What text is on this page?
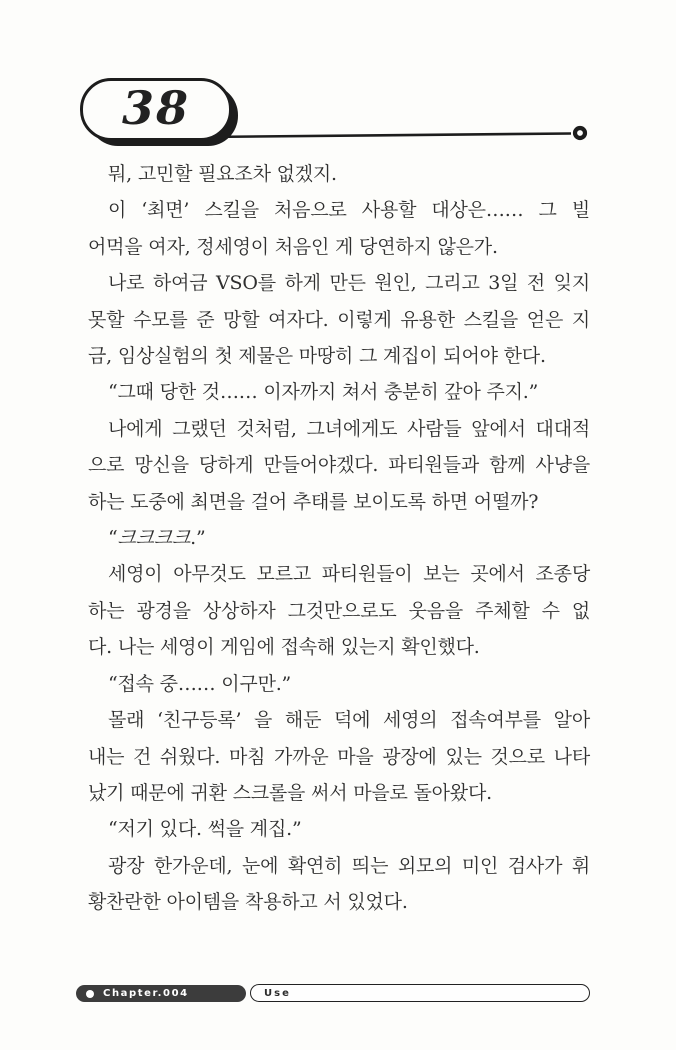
38
뭐, 고민할 필요조차 없겠지.
이 ‘최면’ 스킬을 처음으로 사용할 대상은…… 그 빌
어먹을 여자, 정세영이 처음인 게 당연하지 않은가.
나로 하여금 VSO를 하게 만든 원인, 그리고 3일 전 잊지
못할 수모를 준 망할 여자다. 이렇게 유용한 스킬을 얻은 지
금, 임상실험의 첫 제물은 마땅히 그 계집이 되어야 한다.
“그때 당한 것…… 이자까지 쳐서 충분히 갚아 주지.”
나에게 그랬던 것처럼, 그녀에게도 사람들 앞에서 대대적
으로 망신을 당하게 만들어야겠다. 파티원들과 함께 사냥을
하는 도중에 최면을 걸어 추태를 보이도록 하면 어떨까?
“크크크크.”
세영이 아무것도 모르고 파티원들이 보는 곳에서 조종당
하는 광경을 상상하자 그것만으로도 웃음을 주체할 수 없
다. 나는 세영이 게임에 접속해 있는지 확인했다.
“접속 중…… 이구만.”
몰래 ‘친구등록’ 을 해둔 덕에 세영의 접속여부를 알아
내는 건 쉬웠다. 마침 가까운 마을 광장에 있는 것으로 나타
났기 때문에 귀환 스크롤을 써서 마을로 돌아왔다.
“저기 있다. 썩을 계집.”
광장 한가운데, 눈에 확연히 띄는 외모의 미인 검사가 휘
황찬란한 아이템을 착용하고 서 있었다.
Chapter.004	Use
